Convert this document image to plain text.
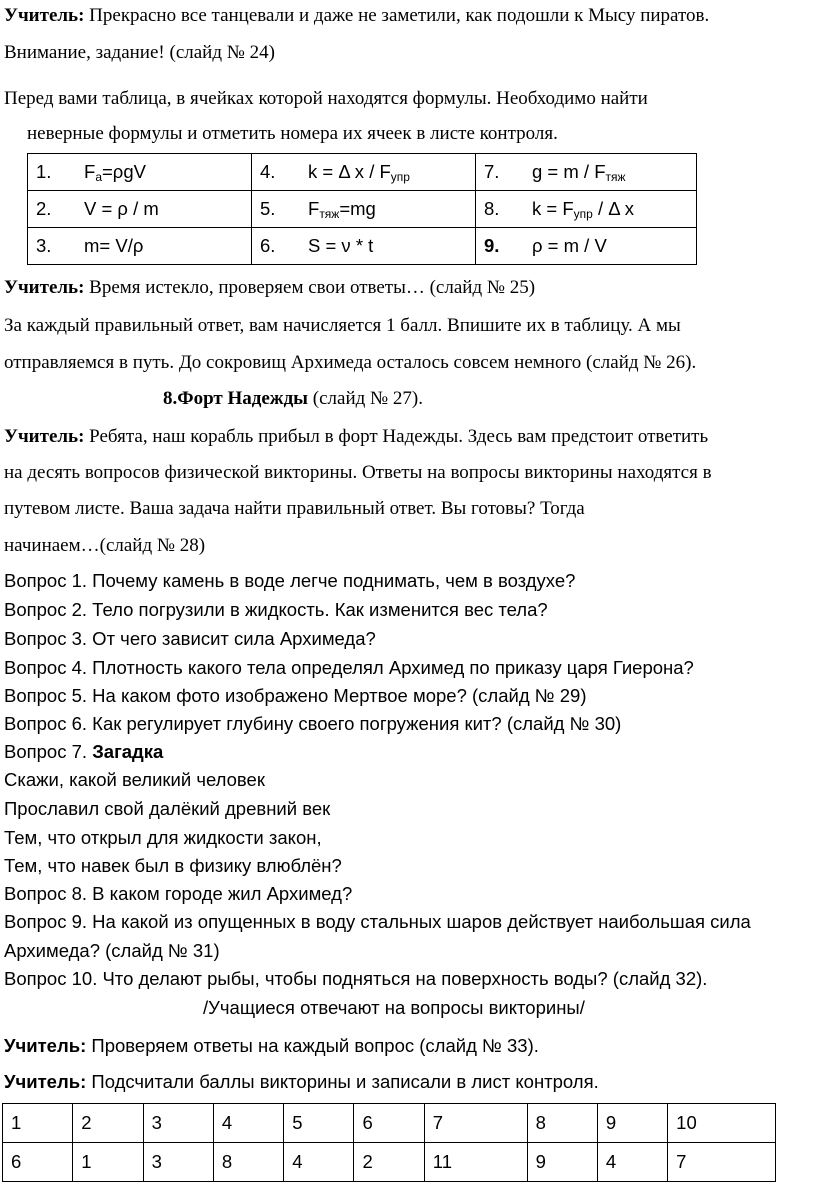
Учитель: Прекрасно все танцевали и даже не заметили, как подошли к Мысу пиратов.
Внимание, задание! (слайд № 24)
Перед вами таблица, в ячейках которой находятся формулы. Необходимо найти
неверные формулы и отметить номера их ячеек в листе контроля.
1. $F_а=\rho gV$	4. k = Δ x / $F_{упр}$	7. $g = m / F_{тяж}$
2. V = ρ / m	5. $F_{тяж}=mg$	8. $k = F_{упр} / \Delta$ x
3. m= V/ρ	6. S = ν * t	9. ρ = m / V
Учитель: Время истекло, проверяем свои ответы… (слайд № 25)
За каждый правильный ответ, вам начисляется 1 балл. Впишите их в таблицу. А мы
отправляемся в путь. До сокровищ Архимеда осталось совсем немного (слайд № 26).
8.Форт Надежды (слайд № 27).
Учитель: Ребята, наш корабль прибыл в форт Надежды. Здесь вам предстоит ответить
на десять вопросов физической викторины. Ответы на вопросы викторины находятся в
путевом листе. Ваша задача найти правильный ответ. Вы готовы? Тогда
начинаем…(слайд № 28)
Вопрос 1. Почему камень в воде легче поднимать, чем в воздухе?
Вопрос 2. Тело погрузили в жидкость. Как изменится вес тела?
Вопрос 3. От чего зависит сила Архимеда?
Вопрос 4. Плотность какого тела определял Архимед по приказу царя Гиерона?
Вопрос 5. На каком фото изображено Мертвое море? (слайд № 29)
Вопрос 6. Как регулирует глубину своего погружения кит? (слайд № 30)
Вопрос 7. Загадка
Скажи, какой великий человек
Прославил свой далёкий древний век
Тем, что открыл для жидкости закон,
Тем, что навек был в физику влюблён?
Вопрос 8. В каком городе жил Архимед?
Вопрос 9. На какой из опущенных в воду стальных шаров действует наибольшая сила
Архимеда? (слайд № 31)
Вопрос 10. Что делают рыбы, чтобы подняться на поверхность воды? (слайд 32).
/Учащиеся отвечают на вопросы викторины/
Учитель: Проверяем ответы на каждый вопрос (слайд № 33).
Учитель: Подсчитали баллы викторины и записали в лист контроля.
1	2	3	4	5	6	7	8	9	10
6	1	3	8	4	2	11	9	4	7
